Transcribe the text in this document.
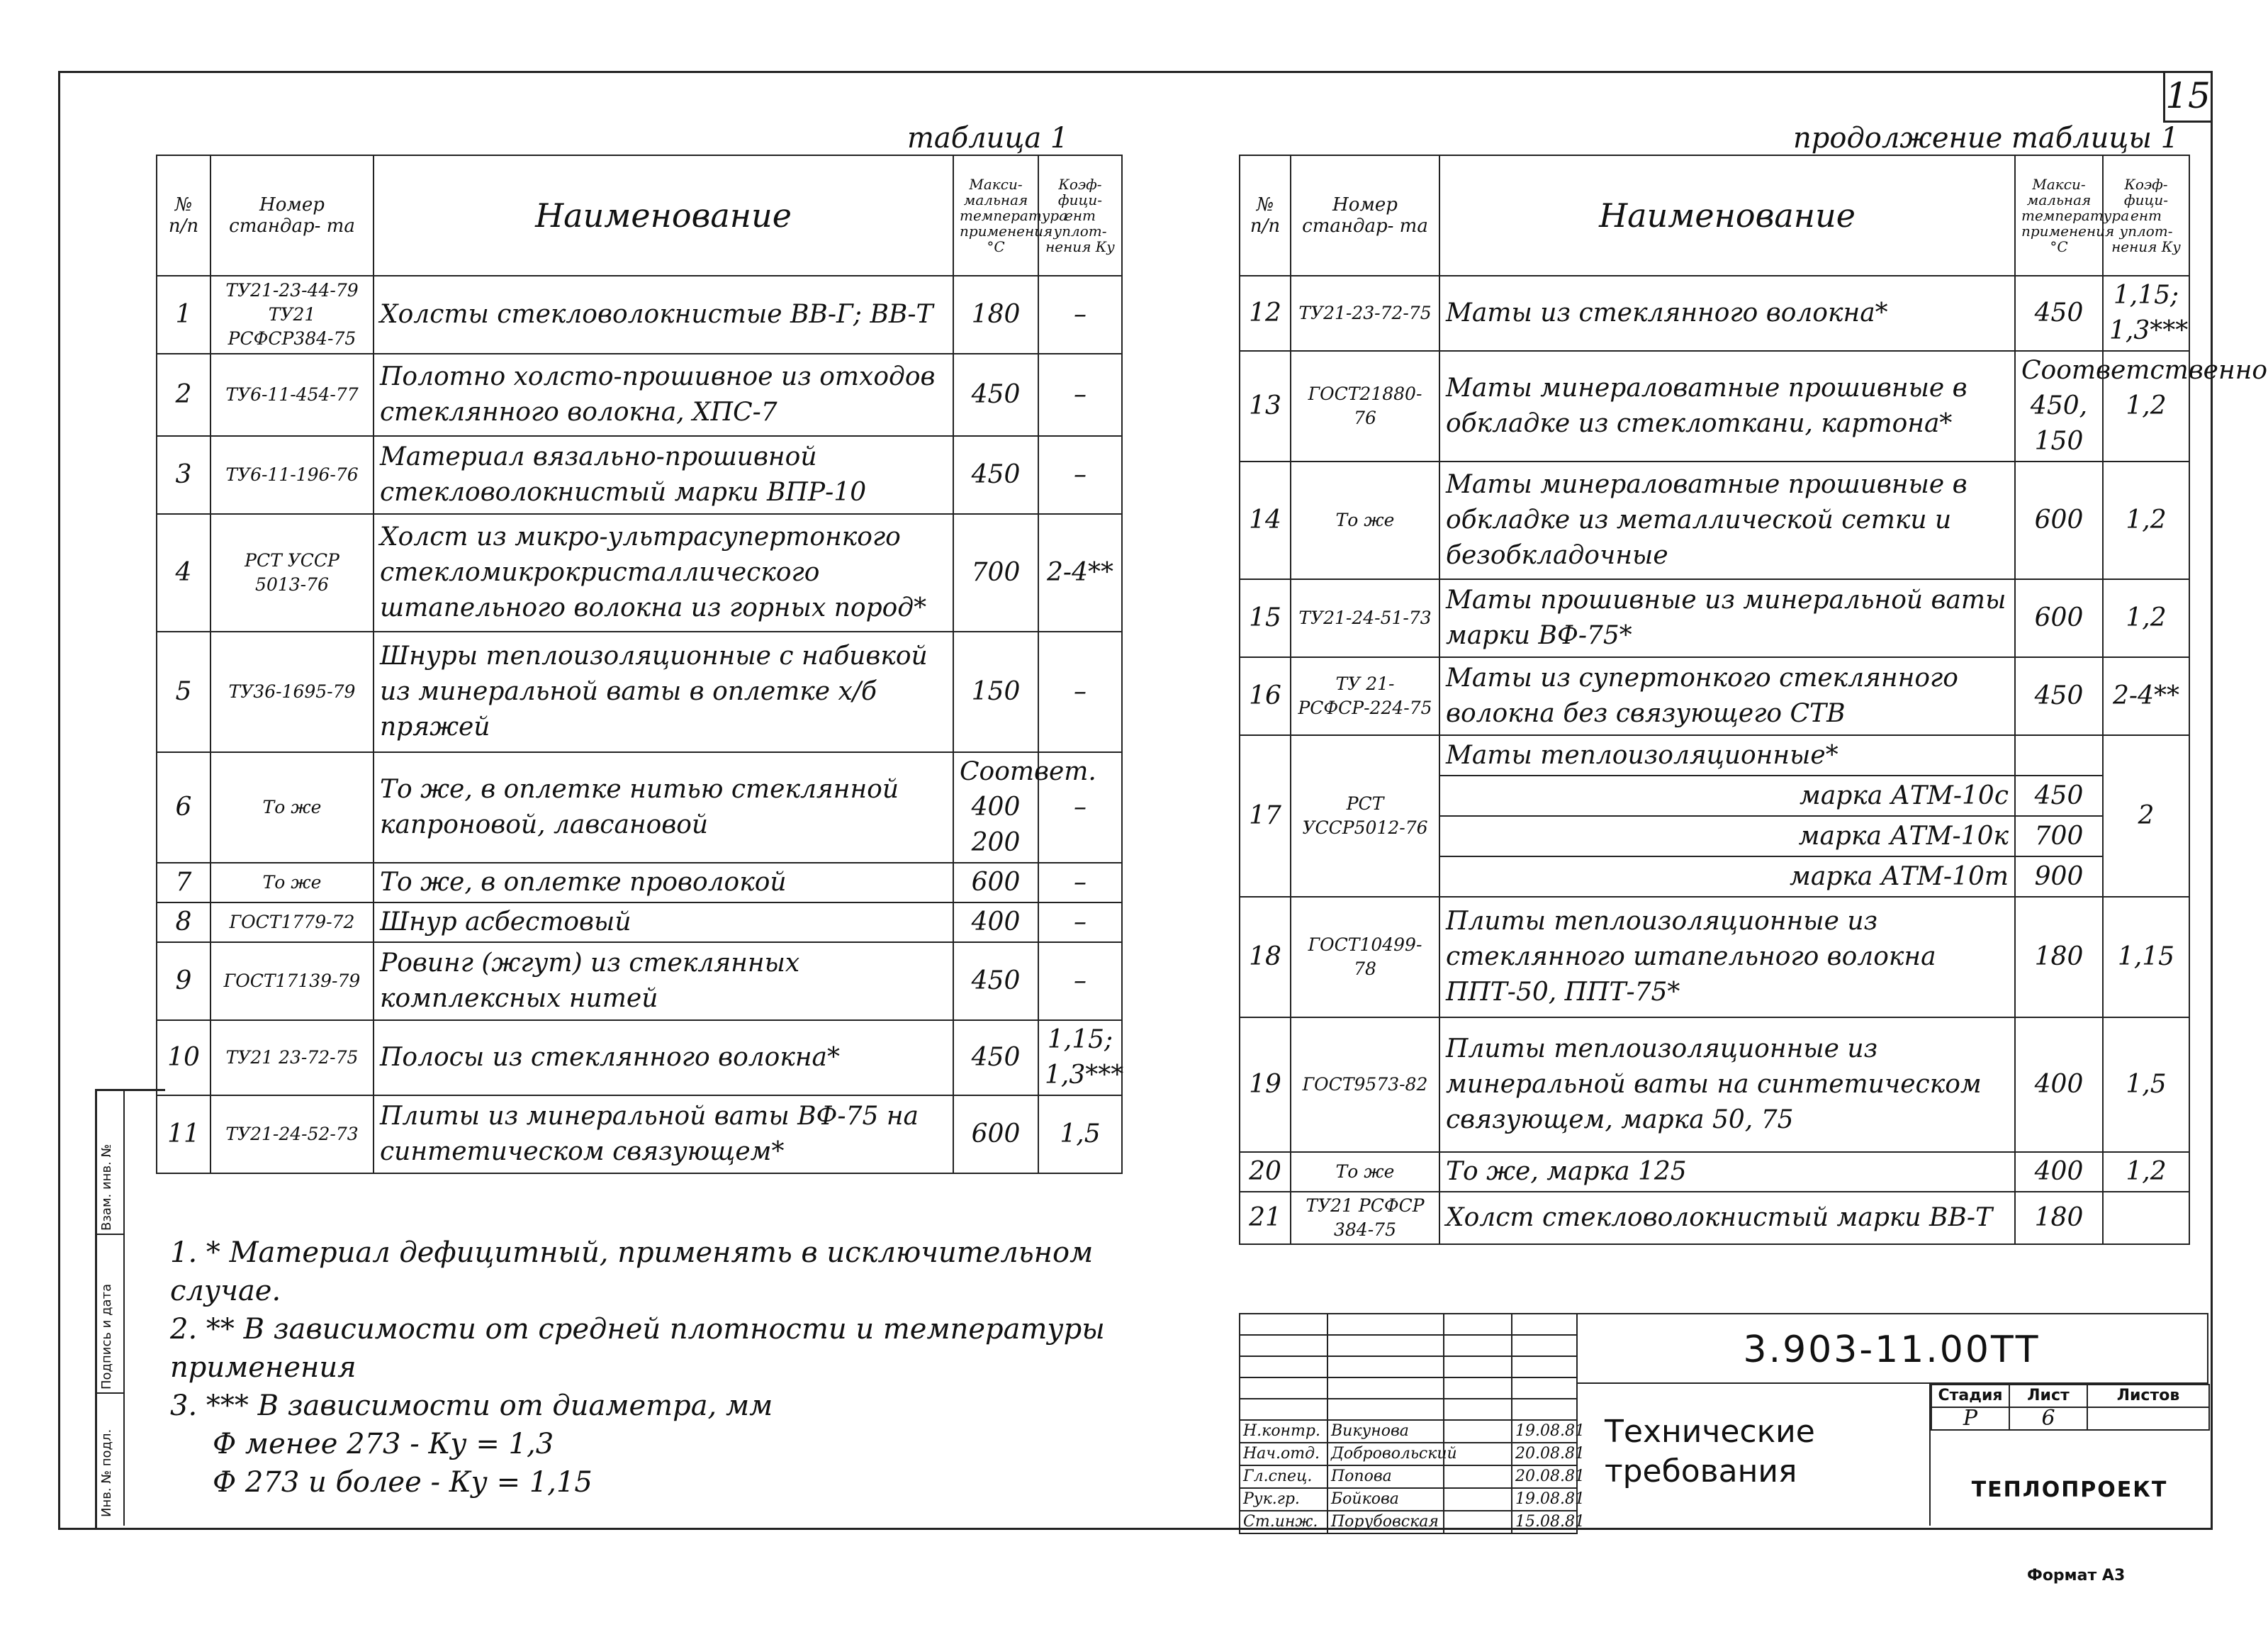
Взам. инв. №
Подпись и дата
Инв. № подл.
15
таблица 1
№ п/п	Номер стандар- та	Наименование	Макси- мальная температура применения °С	Коэф- фици- ент уплот- нения Ку
1	ТУ21-23-44-79 ТУ21 РСФСР384-75	Холсты стекловолокнистые ВВ-Г; ВВ-Т	180	–
2	ТУ6-11-454-77	Полотно холсто-прошивное из отходов стеклянного волокна, ХПС-7	450	–
3	ТУ6-11-196-76	Материал вязально-прошивной стекловолокнистый марки ВПР-10	450	–
4	РСТ УССР 5013-76	Холст из микро-ультрасупертонкого стекломикрокристаллического штапельного волокна из горных пород*	700	2-4**
5	ТУ36-1695-79	Шнуры теплоизоляционные с набивкой из минеральной ваты в оплетке х/б пряжей	150	–
6	То же	То же, в оплетке нитью стеклянной капроновой, лавсановой	Соответ. 400 200	–
7	То же	То же, в оплетке проволокой	600	–
8	ГОСТ1779-72	Шнур асбестовый	400	–
9	ГОСТ17139-79	Ровинг (жгут) из стеклянных комплексных нитей	450	–
10	ТУ21 23-72-75	Полосы из стеклянного волокна*	450	1,15; 1,3***
11	ТУ21-24-52-73	Плиты из минеральной ваты ВФ-75 на синтетическом связующем*	600	1,5
продолжение таблицы 1
№ п/п	Номер стандар- та	Наименование	Макси- мальная температура применения °С	Коэф- фици- ент уплот- нения Ку
12	ТУ21-23-72-75	Маты из стеклянного волокна*	450	1,15; 1,3***
13	ГОСТ21880-76	Маты минераловатные прошивные в обкладке из стеклоткани, картона*	Соответственно 450, 150	1,2
14	То же	Маты минераловатные прошивные в обкладке из металлической сетки и безобкладочные	600	1,2
15	ТУ21-24-51-73	Маты прошивные из минеральной ваты марки ВФ-75*	600	1,2
16	ТУ 21- РСФСР-224-75	Маты из супертонкого стеклянного волокна без связующего СТВ	450	2-4**
17	РСТ УССР5012-76	Маты теплоизоляционные*		2
		марка АТМ-10с	450	
		марка АТМ-10к	700	
		марка АТМ-10т	900	
18	ГОСТ10499-78	Плиты теплоизоляционные из стеклянного штапельного волокна ППТ-50, ППТ-75*	180	1,15
19	ГОСТ9573-82	Плиты теплоизоляционные из минеральной ваты на синтетическом связующем, марка 50, 75	400	1,5
20	То же	То же, марка 125	400	1,2
21	ТУ21 РСФСР 384-75	Холст стекловолокнистый марки ВВ-Т	180	
1. * Материал дефицитный, применять в исключительном случае.
2. ** В зависимости от средней плотности и температуры применения
3. *** В зависимости от диаметра, мм
Ф менее 273 - Ку = 1,3
Ф 273 и более - Ку = 1,15

Н.контр.	Викунова		19.08.81
Нач.отд.	Добровольский		20.08.81
Гл.спец.	Попова		20.08.81
Рук.гр.	Бойкова		19.08.81
Ст.инж.	Порубовская		15.08.81
3.903-11.00ТТ
Технические требования
Стадия	Лист	Листов
Р	6	
ТЕПЛОПРОЕКТ
Формат А3
